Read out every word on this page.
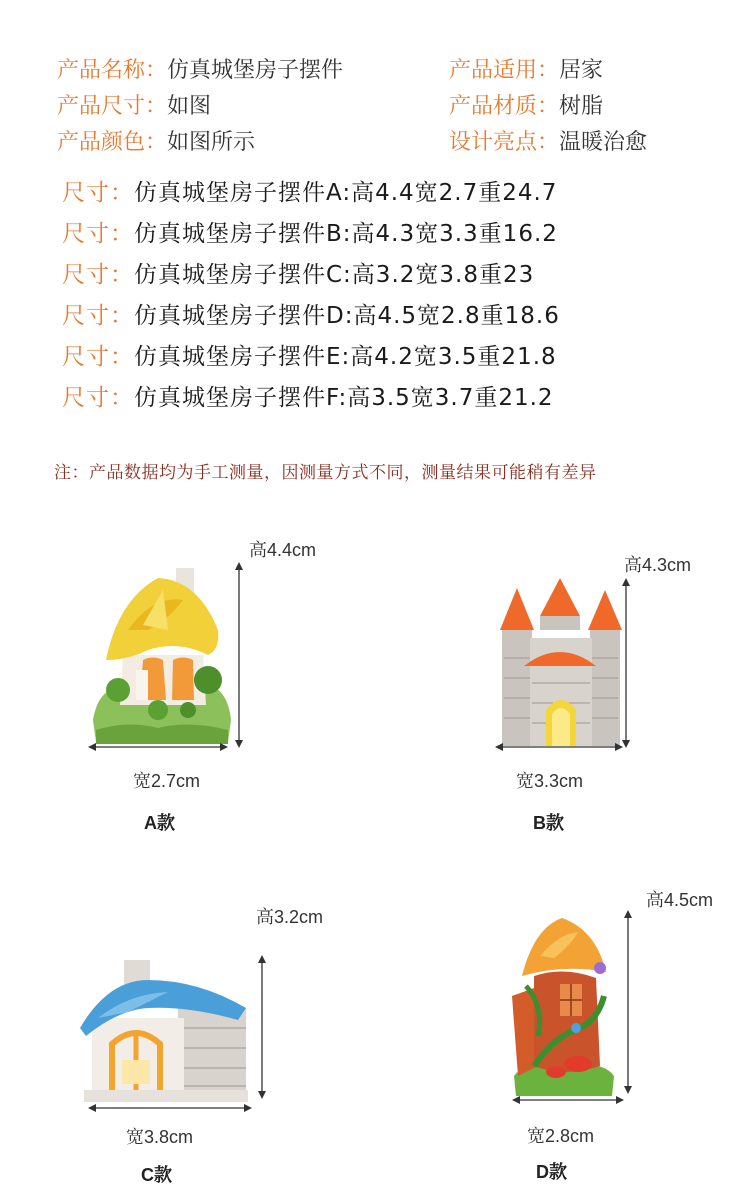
产品名称：仿真城堡房子摆件	产品适用：居家
产品尺寸：如图	产品材质：树脂
产品颜色：如图所示	设计亮点：温暖治愈
尺寸：仿真城堡房子摆件A:高4.4宽2.7重24.7
尺寸：仿真城堡房子摆件B:高4.3宽3.3重16.2
尺寸：仿真城堡房子摆件C:高3.2宽3.8重23
尺寸：仿真城堡房子摆件D:高4.5宽2.8重18.6
尺寸：仿真城堡房子摆件E:高4.2宽3.5重21.8
尺寸：仿真城堡房子摆件F:高3.5宽3.7重21.2
注：产品数据均为手工测量，因测量方式不同，测量结果可能稍有差异
高4.4cm
宽2.7cm
A款
高4.3cm
宽3.3cm
B款
高3.2cm
宽3.8cm
C款
高4.5cm
宽2.8cm
D款
